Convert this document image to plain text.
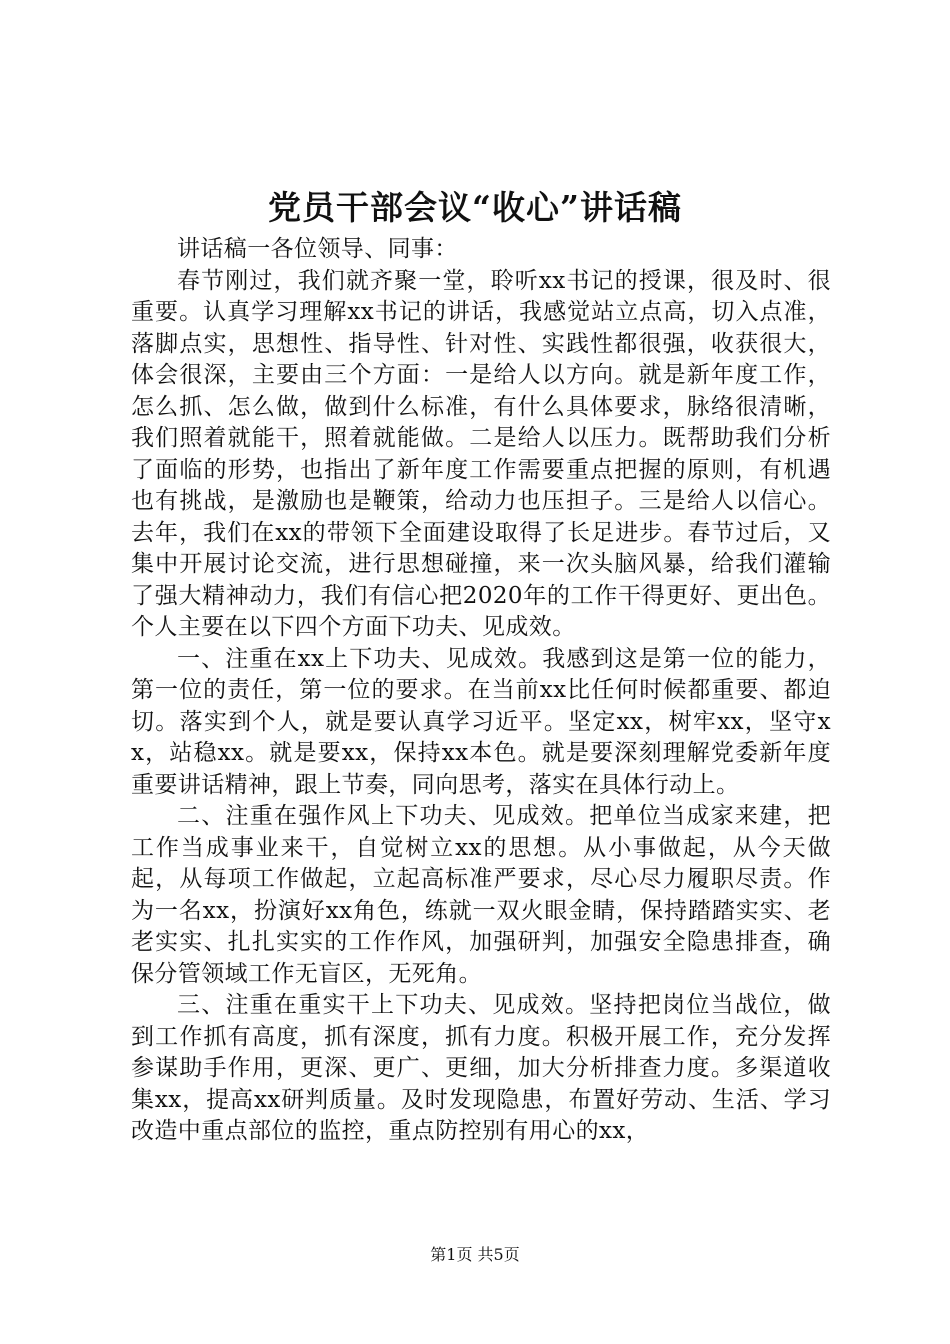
党员干部会议“收心”讲话稿

讲话稿一各位领导、同事：

春节刚过，我们就齐聚一堂，聆听xx书记的授课，很及时、很重要。认真学习理解xx书记的讲话，我感觉站立点高，切入点准，落脚点实，思想性、指导性、针对性、实践性都很强，收获很大，体会很深，主要由三个方面：一是给人以方向。就是新年度工作，怎么抓、怎么做，做到什么标准，有什么具体要求，脉络很清晰，我们照着就能干，照着就能做。二是给人以压力。既帮助我们分析了面临的形势，也指出了新年度工作需要重点把握的原则，有机遇也有挑战，是激励也是鞭策，给动力也压担子。三是给人以信心。去年，我们在xx的带领下全面建设取得了长足进步。春节过后，又集中开展讨论交流，进行思想碰撞，来一次头脑风暴，给我们灌输了强大精神动力，我们有信心把2020年的工作干得更好、更出色。个人主要在以下四个方面下功夫、见成效。

一、注重在xx上下功夫、见成效。我感到这是第一位的能力，第一位的责任，第一位的要求。在当前xx比任何时候都重要、都迫切。落实到个人，就是要认真学习近平。坚定xx，树牢xx，坚守xx，站稳xx。就是要xx，保持xx本色。就是要深刻理解党委新年度重要讲话精神，跟上节奏，同向思考，落实在具体行动上。

二、注重在强作风上下功夫、见成效。把单位当成家来建，把工作当成事业来干，自觉树立xx的思想。从小事做起，从今天做起，从每项工作做起，立起高标准严要求，尽心尽力履职尽责。作为一名xx，扮演好xx角色，练就一双火眼金睛，保持踏踏实实、老老实实、扎扎实实的工作作风，加强研判，加强安全隐患排查，确保分管领域工作无盲区，无死角。

三、注重在重实干上下功夫、见成效。坚持把岗位当战位，做到工作抓有高度，抓有深度，抓有力度。积极开展工作，充分发挥参谋助手作用，更深、更广、更细，加大分析排查力度。多渠道收集xx，提高xx研判质量。及时发现隐患，布置好劳动、生活、学习改造中重点部位的监控，重点防控别有用心的xx，

第1页 共5页
